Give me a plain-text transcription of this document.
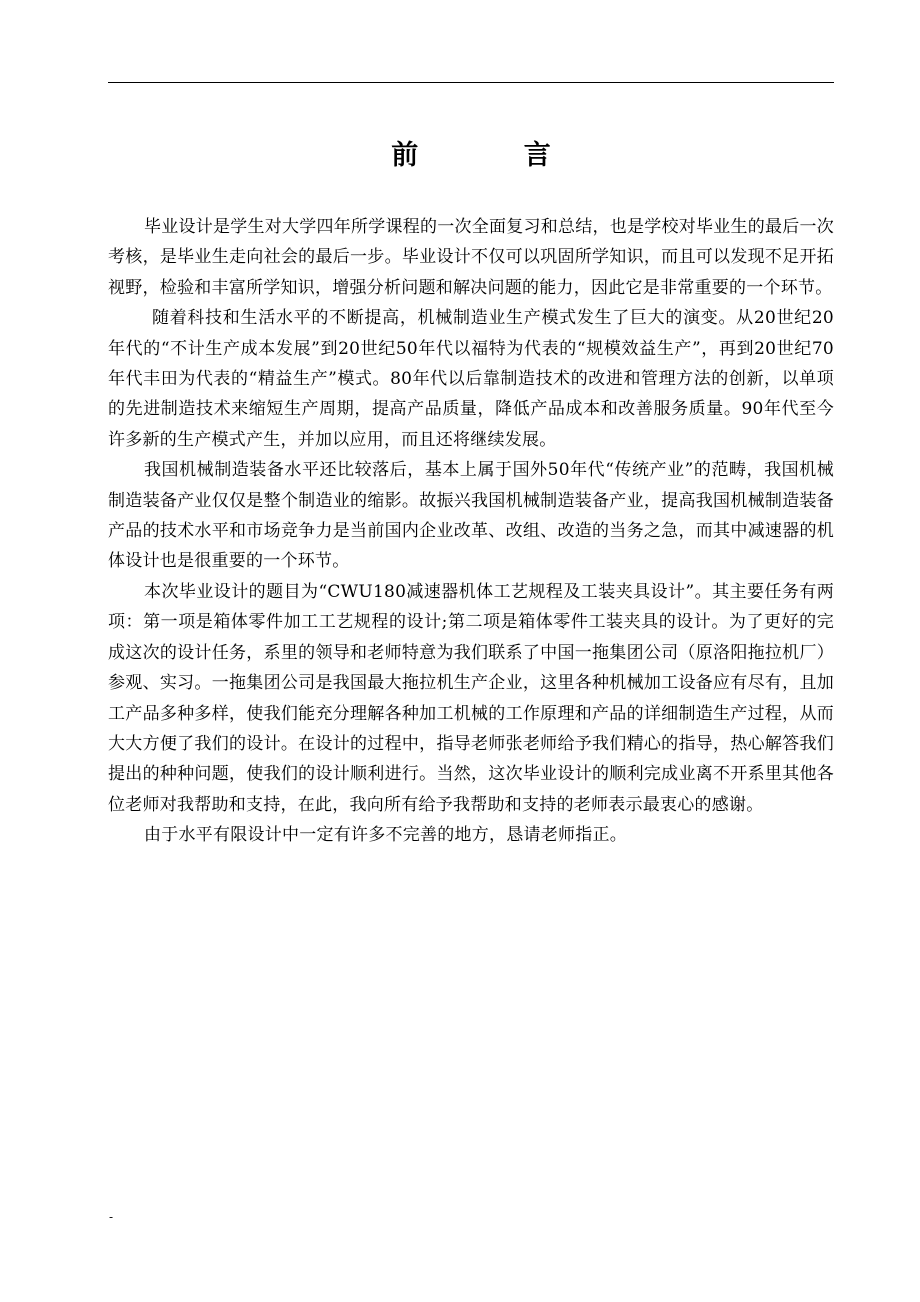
前 言

毕业设计是学生对大学四年所学课程的一次全面复习和总结，也是学校对毕业生的最后一次考核，是毕业生走向社会的最后一步。毕业设计不仅可以巩固所学知识，而且可以发现不足开拓视野，检验和丰富所学知识，增强分析问题和解决问题的能力，因此它是非常重要的一个环节。

随着科技和生活水平的不断提高，机械制造业生产模式发生了巨大的演变。从20世纪20年代的“不计生产成本发展”到20世纪50年代以福特为代表的“规模效益生产”，再到20世纪70年代丰田为代表的“精益生产”模式。80年代以后靠制造技术的改进和管理方法的创新，以单项的先进制造技术来缩短生产周期，提高产品质量，降低产品成本和改善服务质量。90年代至今许多新的生产模式产生，并加以应用，而且还将继续发展。

我国机械制造装备水平还比较落后，基本上属于国外50年代“传统产业”的范畴，我国机械制造装备产业仅仅是整个制造业的缩影。故振兴我国机械制造装备产业，提高我国机械制造装备产品的技术水平和市场竞争力是当前国内企业改革、改组、改造的当务之急，而其中减速器的机体设计也是很重要的一个环节。

本次毕业设计的题目为“CWU180减速器机体工艺规程及工装夹具设计”。其主要任务有两项：第一项是箱体零件加工工艺规程的设计;第二项是箱体零件工装夹具的设计。为了更好的完成这次的设计任务，系里的领导和老师特意为我们联系了中国一拖集团公司（原洛阳拖拉机厂）参观、实习。一拖集团公司是我国最大拖拉机生产企业，这里各种机械加工设备应有尽有，且加工产品多种多样，使我们能充分理解各种加工机械的工作原理和产品的详细制造生产过程，从而大大方便了我们的设计。在设计的过程中，指导老师张老师给予我们精心的指导，热心解答我们提出的种种问题，使我们的设计顺利进行。当然，这次毕业设计的顺利完成业离不开系里其他各位老师对我帮助和支持，在此，我向所有给予我帮助和支持的老师表示最衷心的感谢。

由于水平有限设计中一定有许多不完善的地方，恳请老师指正。

-
